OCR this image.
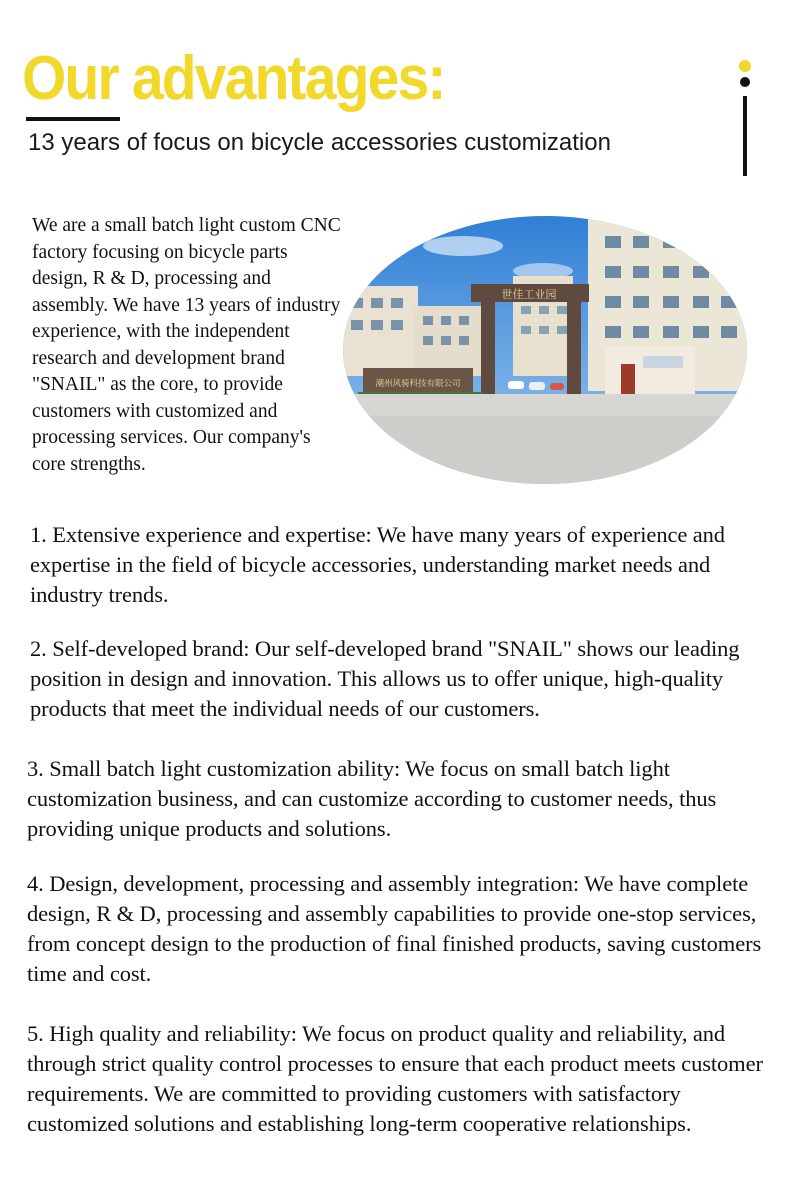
Our advantages:

13 years of focus on bicycle accessories customization

We are a small batch light custom CNC factory focusing on bicycle parts design, R & D, processing and assembly. We have 13 years of industry experience, with the independent research and development brand "SNAIL" as the core, to provide customers with customized and processing services. Our company's core strengths.

世佳工业园
潮州风骑科技有限公司

1. Extensive experience and expertise: We have many years of experience and expertise in the field of bicycle accessories, understanding market needs and industry trends.

2. Self-developed brand: Our self-developed brand "SNAIL" shows our leading position in design and innovation. This allows us to offer unique, high-quality products that meet the individual needs of our customers.

3. Small batch light customization ability: We focus on small batch light customization business, and can customize according to customer needs, thus providing unique products and solutions.

4. Design, development, processing and assembly integration: We have complete design, R & D, processing and assembly capabilities to provide one-stop services, from concept design to the production of final finished products, saving customers time and cost.

5. High quality and reliability: We focus on product quality and reliability, and through strict quality control processes to ensure that each product meets customer requirements. We are committed to providing customers with satisfactory customized solutions and establishing long-term cooperative relationships.
